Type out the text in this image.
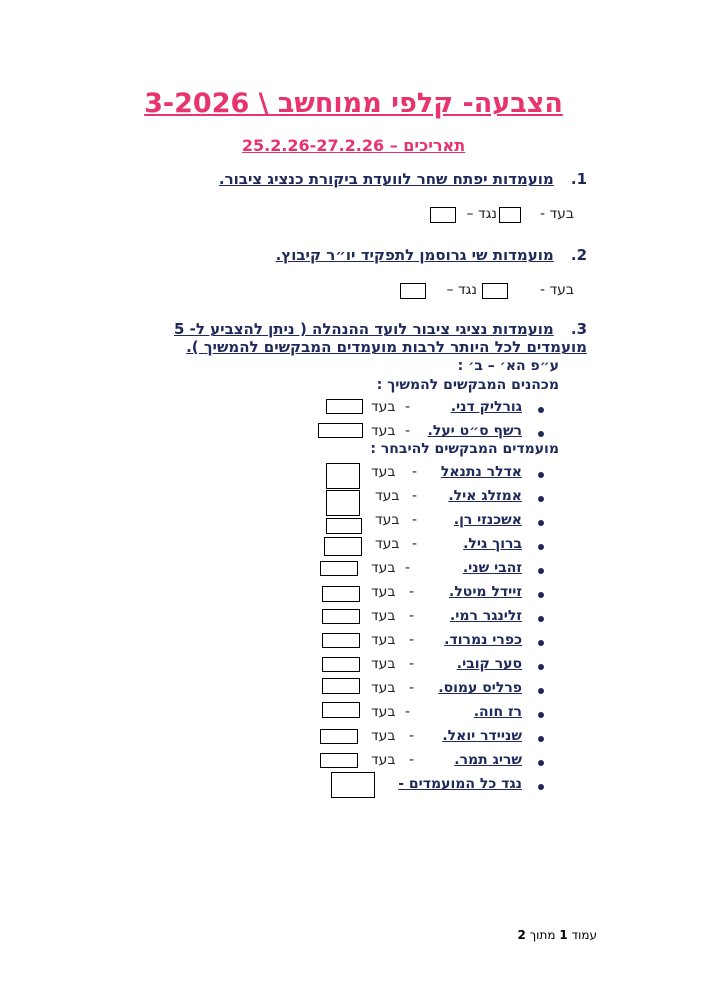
הצבעה- קלפי ממוחשב \ 3-2026
תאריכים – 25.2.26-27.2.26
1. מועמדות יפתח שחר לוועדת ביקורת כנציג ציבור.
בעד -
נגד –
2. מועמדות שי גרוסמן לתפקיד יו״ר קיבוץ.
בעד -
נגד –
3. מועמדות נציגי ציבור לועד ההנהלה ( ניתן להצביע ל- 5 מועמדים לכל היותר לרבות מועמדים המבקשים להמשיך ).
ע״פ הא׳ – ב׳ :
מכהנים המבקשים להמשיך :
גורליק דני.
-
בעד
רשף ס״ט יעל.
-
בעד
מועמדים המבקשים להיבחר :
אדלר נתנאל
-
בעד
אמזלג איל.
-
בעד
אשכנזי רן.
-
בעד
ברוך גיל.
-
בעד
זהבי שני.
-
בעד
זיידל מיטל.
-
בעד
זלינגר רמי.
-
בעד
כפרי נמרוד.
-
בעד
סער קובי.
-
בעד
פרליס עמוס.
-
בעד
רז חוה.
-
בעד
שניידר יואל.
-
בעד
שריג תמר.
-
בעד
נגד כל המועמדים -
עמוד 1 מתוך 2
